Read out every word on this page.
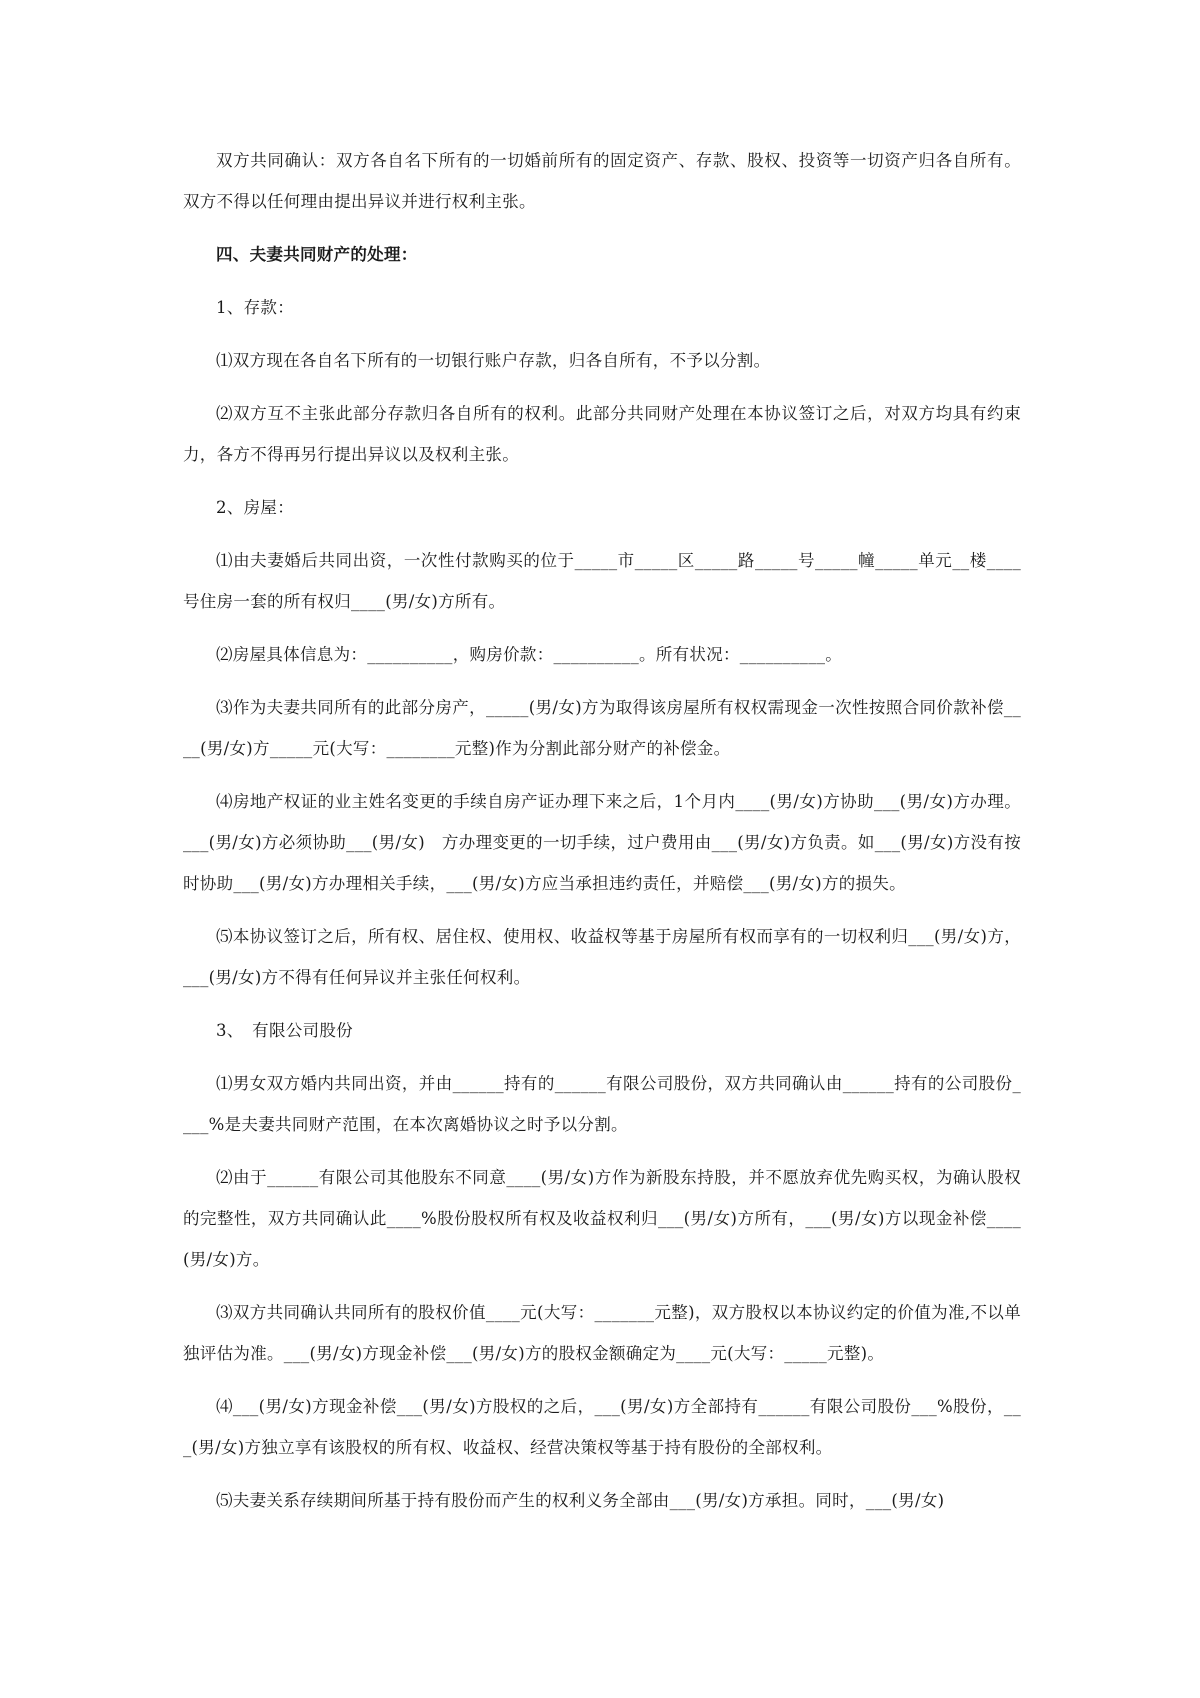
双方共同确认：双方各自名下所有的一切婚前所有的固定资产、存款、股权、投资等一切资产归各自所有。双方不得以任何理由提出异议并进行权利主张。

四、夫妻共同财产的处理：

1、存款：

⑴双方现在各自名下所有的一切银行账户存款，归各自所有，不予以分割。

⑵双方互不主张此部分存款归各自所有的权利。此部分共同财产处理在本协议签订之后，对双方均具有约束力，各方不得再另行提出异议以及权利主张。

2、房屋：

⑴由夫妻婚后共同出资，一次性付款购买的位于_____市_____区_____路_____号_____幢_____单元__楼____号住房一套的所有权归____(男/女)方所有。

⑵房屋具体信息为：__________，购房价款：__________。所有状况：__________。

⑶作为夫妻共同所有的此部分房产，_____(男/女)方为取得该房屋所有权权需现金一次性按照合同价款补偿____(男/女)方_____元(大写：________元整)作为分割此部分财产的补偿金。

⑷房地产权证的业主姓名变更的手续自房产证办理下来之后，1个月内____(男/女)方协助___(男/女)方办理。___(男/女)方必须协助___(男/女)　方办理变更的一切手续，过户费用由___(男/女)方负责。如___(男/女)方没有按时协助___(男/女)方办理相关手续，___(男/女)方应当承担违约责任，并赔偿___(男/女)方的损失。

⑸本协议签订之后，所有权、居住权、使用权、收益权等基于房屋所有权而享有的一切权利归___(男/女)方，___(男/女)方不得有任何异议并主张任何权利。

3、　有限公司股份

⑴男女双方婚内共同出资，并由______持有的______有限公司股份，双方共同确认由______持有的公司股份____%是夫妻共同财产范围，在本次离婚协议之时予以分割。

⑵由于______有限公司其他股东不同意____(男/女)方作为新股东持股，并不愿放弃优先购买权，为确认股权的完整性，双方共同确认此____%股份股权所有权及收益权利归___(男/女)方所有，___(男/女)方以现金补偿____(男/女)方。

⑶双方共同确认共同所有的股权价值____元(大写：_______元整)，双方股权以本协议约定的价值为准,不以单独评估为准。___(男/女)方现金补偿___(男/女)方的股权金额确定为____元(大写：_____元整)。

⑷___(男/女)方现金补偿___(男/女)方股权的之后，___(男/女)方全部持有______有限公司股份___%股份，___(男/女)方独立享有该股权的所有权、收益权、经营决策权等基于持有股份的全部权利。

⑸夫妻关系存续期间所基于持有股份而产生的权利义务全部由___(男/女)方承担。同时，___(男/女)
